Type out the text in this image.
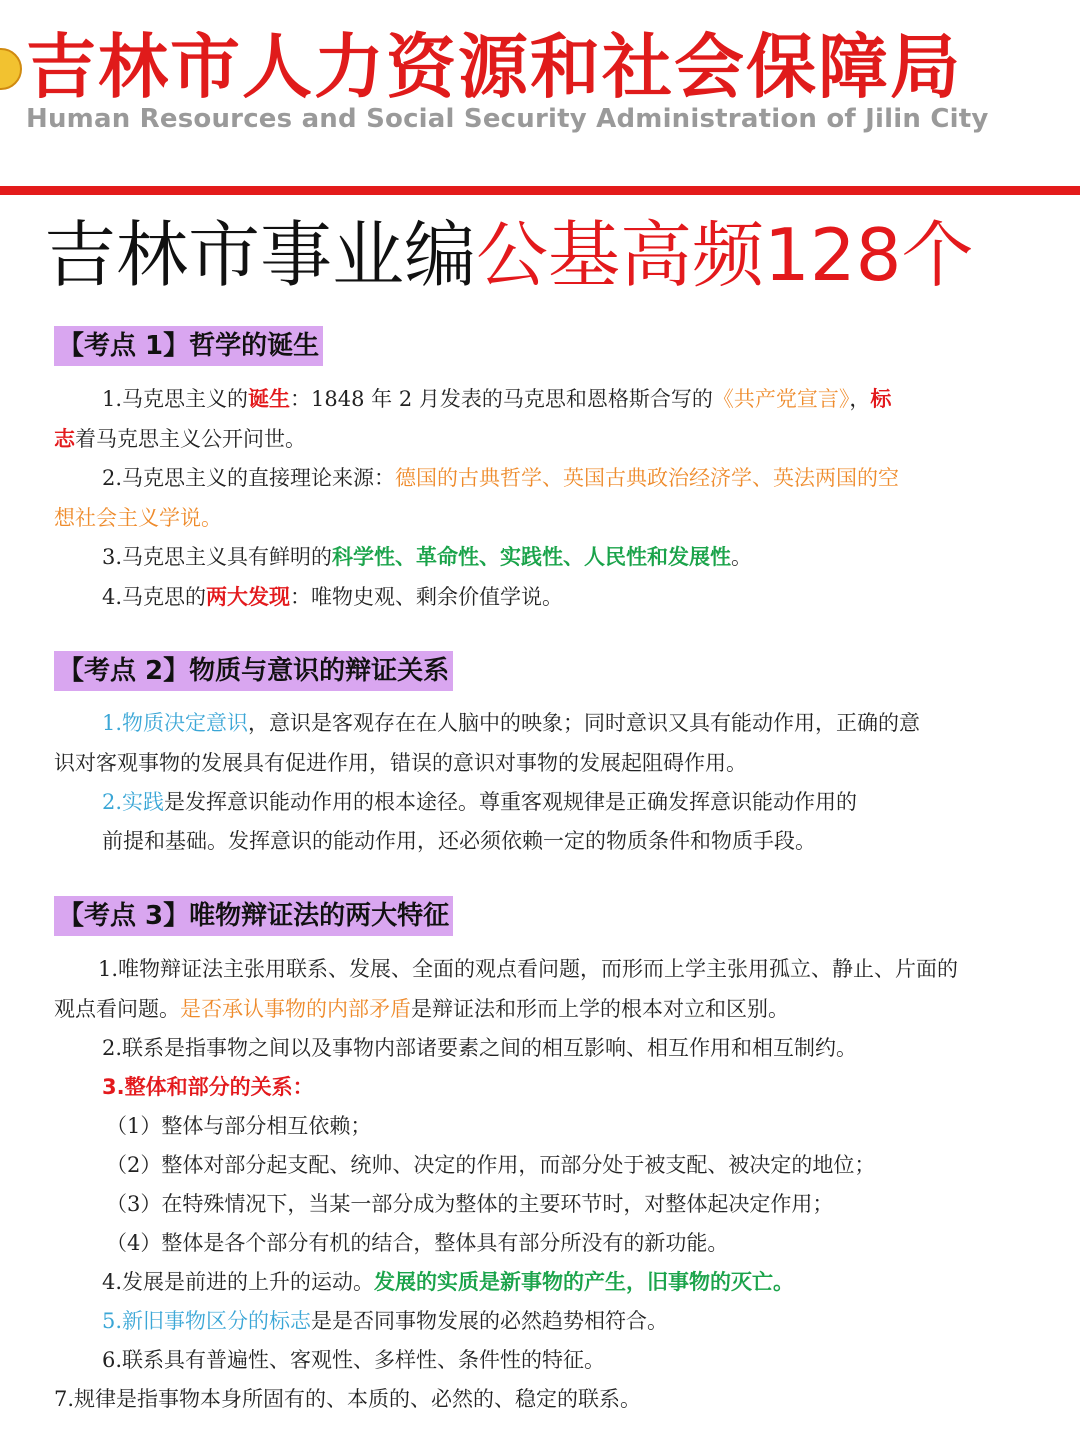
吉林市人力资源和社会保障局
Human Resources and Social Security Administration of Jilin City
吉林市事业编公基高频128个
【考点 1】哲学的诞生
1.马克思主义的诞生：1848 年 2 月发表的马克思和恩格斯合写的《共产党宣言》，标
志着马克思主义公开问世。
2.马克思主义的直接理论来源：德国的古典哲学、英国古典政治经济学、英法两国的空
想社会主义学说。
3.马克思主义具有鲜明的科学性、革命性、实践性、人民性和发展性。
4.马克思的两大发现：唯物史观、剩余价值学说。
【考点 2】物质与意识的辩证关系
1.物质决定意识，意识是客观存在在人脑中的映象；同时意识又具有能动作用，正确的意
识对客观事物的发展具有促进作用，错误的意识对事物的发展起阻碍作用。
2.实践是发挥意识能动作用的根本途径。尊重客观规律是正确发挥意识能动作用的
前提和基础。发挥意识的能动作用，还必须依赖一定的物质条件和物质手段。
【考点 3】唯物辩证法的两大特征
1.唯物辩证法主张用联系、发展、全面的观点看问题，而形而上学主张用孤立、静止、片面的
观点看问题。是否承认事物的内部矛盾是辩证法和形而上学的根本对立和区别。
2.联系是指事物之间以及事物内部诸要素之间的相互影响、相互作用和相互制约。
3.整体和部分的关系：
（1）整体与部分相互依赖；
（2）整体对部分起支配、统帅、决定的作用，而部分处于被支配、被决定的地位；
（3）在特殊情况下，当某一部分成为整体的主要环节时，对整体起决定作用；
（4）整体是各个部分有机的结合，整体具有部分所没有的新功能。
4.发展是前进的上升的运动。发展的实质是新事物的产生，旧事物的灭亡。
5.新旧事物区分的标志是是否同事物发展的必然趋势相符合。
6.联系具有普遍性、客观性、多样性、条件性的特征。
7.规律是指事物本身所固有的、本质的、必然的、稳定的联系。
